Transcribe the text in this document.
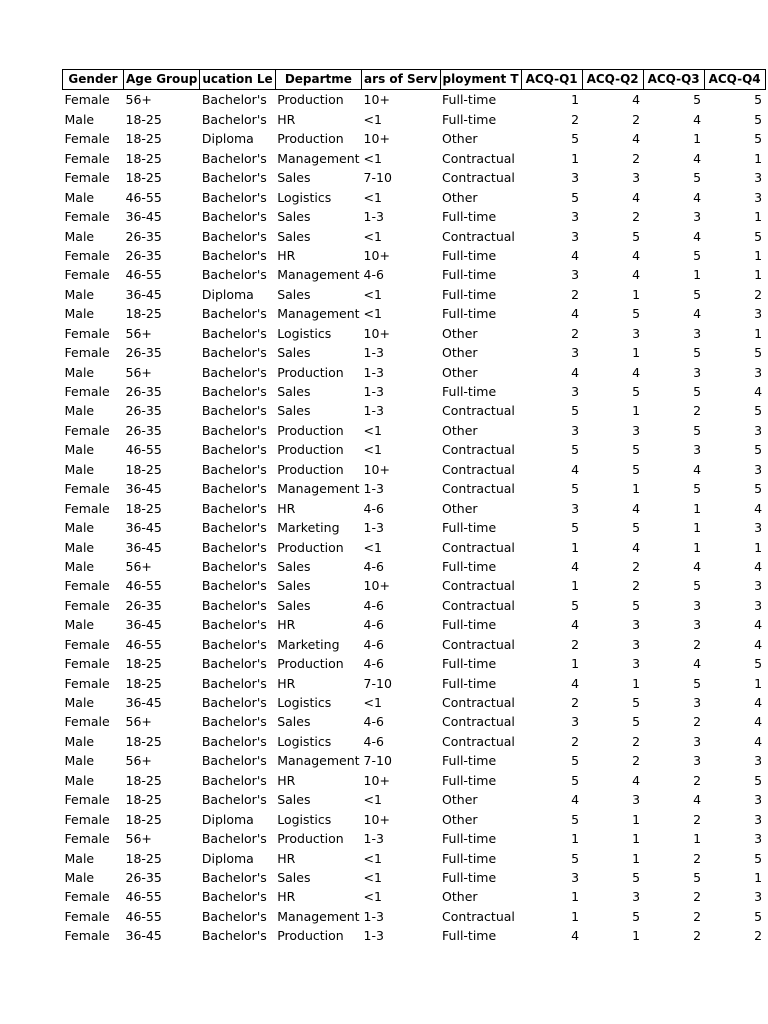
Gender	Age Group	ucation Le	Departme	ars of Serv	ployment T	ACQ-Q1	ACQ-Q2	ACQ-Q3	ACQ-Q4
Female	56+	Bachelor's	Production	10+	Full-time	1	4	5	5
Male	18-25	Bachelor's	HR	<1	Full-time	2	2	4	5
Female	18-25	Diploma	Production	10+	Other	5	4	1	5
Female	18-25	Bachelor's	Management	<1	Contractual	1	2	4	1
Female	18-25	Bachelor's	Sales	7-10	Contractual	3	3	5	3
Male	46-55	Bachelor's	Logistics	<1	Other	5	4	4	3
Female	36-45	Bachelor's	Sales	1-3	Full-time	3	2	3	1
Male	26-35	Bachelor's	Sales	<1	Contractual	3	5	4	5
Female	26-35	Bachelor's	HR	10+	Full-time	4	4	5	1
Female	46-55	Bachelor's	Management	4-6	Full-time	3	4	1	1
Male	36-45	Diploma	Sales	<1	Full-time	2	1	5	2
Male	18-25	Bachelor's	Management	<1	Full-time	4	5	4	3
Female	56+	Bachelor's	Logistics	10+	Other	2	3	3	1
Female	26-35	Bachelor's	Sales	1-3	Other	3	1	5	5
Male	56+	Bachelor's	Production	1-3	Other	4	4	3	3
Female	26-35	Bachelor's	Sales	1-3	Full-time	3	5	5	4
Male	26-35	Bachelor's	Sales	1-3	Contractual	5	1	2	5
Female	26-35	Bachelor's	Production	<1	Other	3	3	5	3
Male	46-55	Bachelor's	Production	<1	Contractual	5	5	3	5
Male	18-25	Bachelor's	Production	10+	Contractual	4	5	4	3
Female	36-45	Bachelor's	Management	1-3	Contractual	5	1	5	5
Female	18-25	Bachelor's	HR	4-6	Other	3	4	1	4
Male	36-45	Bachelor's	Marketing	1-3	Full-time	5	5	1	3
Male	36-45	Bachelor's	Production	<1	Contractual	1	4	1	1
Male	56+	Bachelor's	Sales	4-6	Full-time	4	2	4	4
Female	46-55	Bachelor's	Sales	10+	Contractual	1	2	5	3
Female	26-35	Bachelor's	Sales	4-6	Contractual	5	5	3	3
Male	36-45	Bachelor's	HR	4-6	Full-time	4	3	3	4
Female	46-55	Bachelor's	Marketing	4-6	Contractual	2	3	2	4
Female	18-25	Bachelor's	Production	4-6	Full-time	1	3	4	5
Female	18-25	Bachelor's	HR	7-10	Full-time	4	1	5	1
Male	36-45	Bachelor's	Logistics	<1	Contractual	2	5	3	4
Female	56+	Bachelor's	Sales	4-6	Contractual	3	5	2	4
Male	18-25	Bachelor's	Logistics	4-6	Contractual	2	2	3	4
Male	56+	Bachelor's	Management	7-10	Full-time	5	2	3	3
Male	18-25	Bachelor's	HR	10+	Full-time	5	4	2	5
Female	18-25	Bachelor's	Sales	<1	Other	4	3	4	3
Female	18-25	Diploma	Logistics	10+	Other	5	1	2	3
Female	56+	Bachelor's	Production	1-3	Full-time	1	1	1	3
Male	18-25	Diploma	HR	<1	Full-time	5	1	2	5
Male	26-35	Bachelor's	Sales	<1	Full-time	3	5	5	1
Female	46-55	Bachelor's	HR	<1	Other	1	3	2	3
Female	46-55	Bachelor's	Management	1-3	Contractual	1	5	2	5
Female	36-45	Bachelor's	Production	1-3	Full-time	4	1	2	2
